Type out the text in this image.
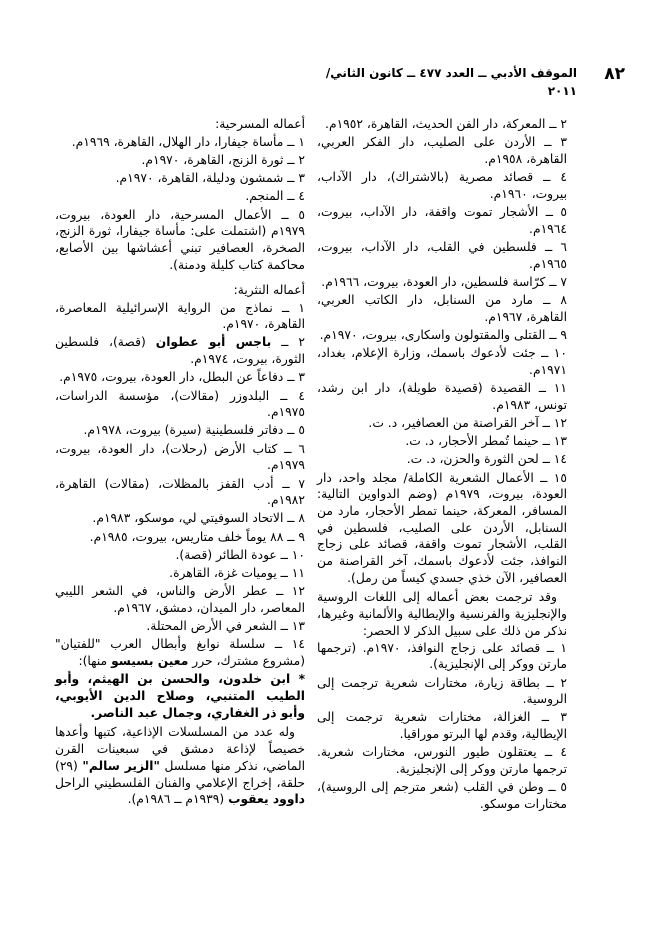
٨٢
الموقف الأدبي ــ العدد ٤٧٧ ــ كانون الثاني/
٢٠١١
٢ ــ المعركة، دار الفن الحديث، القاهرة، ١٩٥٢م.
٣ ــ الأردن على الصليب، دار الفكر العربي، القاهرة، ١٩٥٨م.
٤ ــ قصائد مصرية (بالاشتراك)، دار الآداب، بيروت، ١٩٦٠م.
٥ ــ الأشجار تموت واقفة، دار الآداب، بيروت، ١٩٦٤م.
٦ ــ فلسطين في القلب، دار الآداب، بيروت، ١٩٦٥م.
٧ ــ كرّاسة فلسطين، دار العودة، بيروت، ١٩٦٦م.
٨ ــ مارد من السنابل، دار الكاتب العربي، القاهرة، ١٩٦٧م.
٩ ــ القتلى والمقتولون واسكارى، بيروت، ١٩٧٠م.
١٠ ــ جئت لأدعوك باسمك، وزارة الإعلام، بغداد، ١٩٧١م.
١١ ــ القصيدة (قصيدة طويلة)، دار ابن رشد، تونس، ١٩٨٣م.
١٢ ــ آخر القراصنة من العصافير، د. ت.
١٣ ــ حينما تُمطر الأحجار، د. ت.
١٤ ــ لحن الثورة والحزن، د. ت.
١٥ ــ الأعمال الشعرية الكاملة/ مجلد واحد، دار العودة، بيروت، ١٩٧٩م (وضم الدواوين التالية: المسافر، المعركة، حينما تمطر الأحجار، مارد من السنابل، الأردن على الصليب، فلسطين في القلب، الأشجار تموت واقفة، قصائد على زجاج النوافذ، جئت لأدعوك باسمك، آخر القراصنة من العصافير، الآن خذي جسدي كيساً من رمل).
وقد ترجمت بعض أعماله إلى اللغات الروسية والإنجليزية والفرنسية والإيطالية والألمانية وغيرها، نذكر من ذلك على سبيل الذكر لا الحصر:
١ ــ قصائد على زجاج النوافذ، ١٩٧٠م. (ترجمها مارتن ووكر إلى الإنجليزية).
٢ ــ بطاقة زيارة، مختارات شعرية ترجمت إلى الروسية.
٣ ــ الغزالة، مختارات شعرية ترجمت إلى الإيطالية، وقدم لها البرتو موراقيا.
٤ ــ يعتقلون طيور النورس، مختارات شعرية. ترجمها مارتن ووكر إلى الإنجليزية.
٥ ــ وطن في القلب (شعر مترجم إلى الروسية)، مختارات موسكو.
أعماله المسرحية:
١ ــ مأساة جيفارا، دار الهلال، القاهرة، ١٩٦٩م.
٢ ــ ثورة الزنج، القاهرة، ١٩٧٠م.
٣ ــ شمشون ودليلة، القاهرة، ١٩٧٠م.
٤ ــ المنجم.
٥ ــ الأعمال المسرحية، دار العودة، بيروت، ١٩٧٩م (اشتملت على: مأساة جيفارا، ثورة الزنج، الصخرة، العصافير تبني أعشاشها بين الأصابع، محاكمة كتاب كليلة ودمنة).
أعماله النثرية:
١ ــ نماذج من الرواية الإسرائيلية المعاصرة، القاهرة، ١٩٧٠م.
٢ ــ باجس أبو عطوان (قصة)، فلسطين الثورة، بيروت، ١٩٧٤م.
٣ ــ دفاعاً عن البطل، دار العودة، بيروت، ١٩٧٥م.
٤ ــ البلدوزر (مقالات)، مؤسسة الدراسات، ١٩٧٥م.
٥ ــ دفاتر فلسطينية (سيرة) بيروت، ١٩٧٨م.
٦ ــ كتاب الأرض (رحلات)، دار العودة، بيروت، ١٩٧٩م.
٧ ــ أدب القفز بالمظلات، (مقالات) القاهرة، ١٩٨٢م.
٨ ــ الاتحاد السوفيتي لي، موسكو، ١٩٨٣م.
٩ ــ ٨٨ يوماً خلف متاريس، بيروت، ١٩٨٥م.
١٠ ــ عودة الطائر (قصة).
١١ ــ يوميات غزة، القاهرة.
١٢ ــ عطر الأرض والناس، في الشعر الليبي المعاصر، دار الميدان، دمشق، ١٩٦٧م.
١٣ ــ الشعر في الأرض المحتلة.
١٤ ــ سلسلة نوابغ وأبطال العرب "للفتيان" (مشروع مشترك، حرر معين بسيسو منها):
* ابن خلدون، والحسن بن الهيثم، وأبو الطيب المتنبي، وصلاح الدين الأيوبي، وأبو ذر الغفاري، وجمال عبد الناصر.
وله عدد من المسلسلات الإذاعية، كتبها وأعدها خصيصاً لإذاعة دمشق في سبعينات القرن الماضي، نذكر منها مسلسل "الزير سالم" (٢٩) حلقة، إخراج الإعلامي والفنان الفلسطيني الراحل داوود يعقوب (١٩٣٩م ــ ١٩٨٦م).
